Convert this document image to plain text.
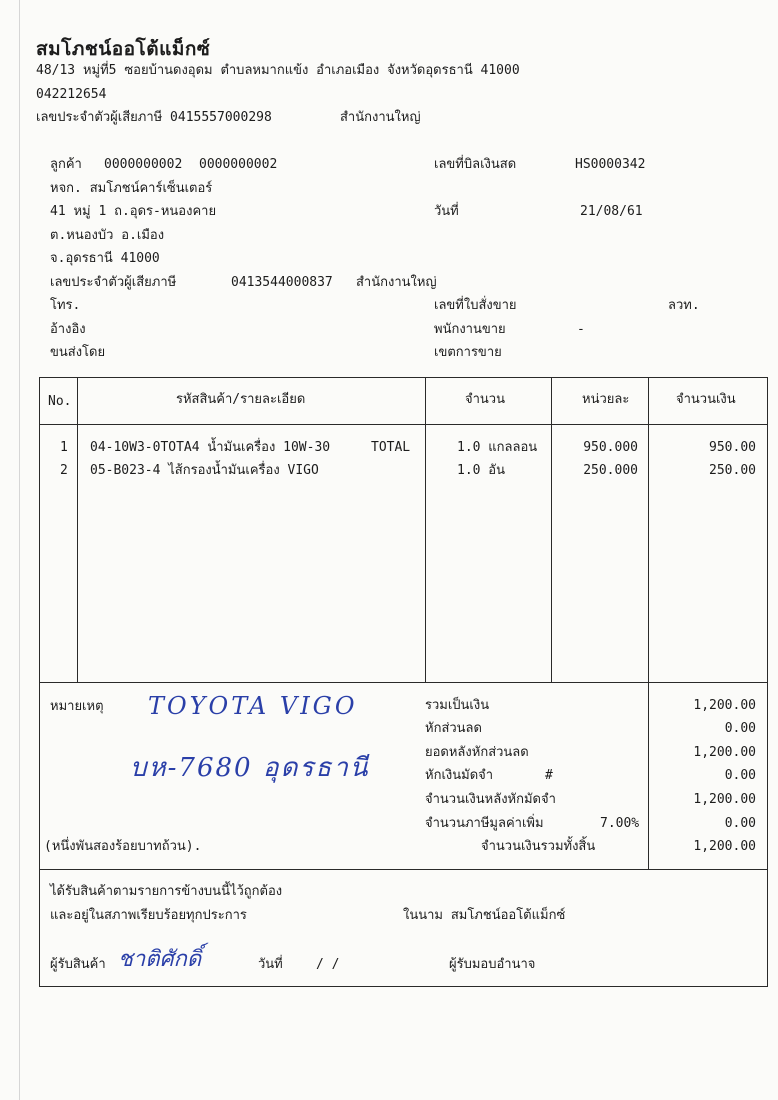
สมโภชน์ออโต้แม็กซ์
48/13 หมู่ที่5 ซอยบ้านดงอุดม ตำบลหมากแข้ง อำเภอเมือง จังหวัดอุดรธานี 41000
042212654
เลขประจำตัวผู้เสียภาษี 0415557000298	สำนักงานใหญ่
ลูกค้า 0000000002 0000000002
หจก. สมโภชน์คาร์เซ็นเตอร์
41 หมู่ 1 ถ.อุดร-หนองคาย
ต.หนองบัว อ.เมือง
จ.อุดรธานี 41000
เลขประจำตัวผู้เสียภาษี	0413544000837 สำนักงานใหญ่
โทร.
อ้างอิง
ขนส่งโดย
เลขที่บิลเงินสด	HS0000342
วันที่	21/08/61
เลขที่ใบสั่งขาย	ลวท.
พนักงานขาย	-
เขตการขาย
No.	รหัสสินค้า/รายละเอียด	จำนวน	หน่วยละ	จำนวนเงิน
1 04-10W3-0TOTA4 น้ำมันเครื่อง 10W-30	TOTAL	1.0 แกลลอน	950.000	950.00
2 05-B023-4 ไส้กรองน้ำมันเครื่อง VIGO	1.0 อัน	250.000	250.00
หมายเหตุ TOYOTA VIGO
บห-7680 อุดรธานี
รวมเป็นเงิน	1,200.00
หักส่วนลด	0.00
ยอดหลังหักส่วนลด	1,200.00
หักเงินมัดจำ	#	0.00
จำนวนเงินหลังหักมัดจำ	1,200.00
จำนวนภาษีมูลค่าเพิ่ม	7.00%	0.00
(หนึ่งพันสองร้อยบาทถ้วน).	จำนวนเงินรวมทั้งสิ้น	1,200.00
ได้รับสินค้าตามรายการข้างบนนี้ไว้ถูกต้อง
และอยู่ในสภาพเรียบร้อยทุกประการ	ในนาม สมโภชน์ออโต้แม็กซ์
ผู้รับสินค้า ชาติศักดิ์	วันที่	/ /	ผู้รับมอบอำนาจ
